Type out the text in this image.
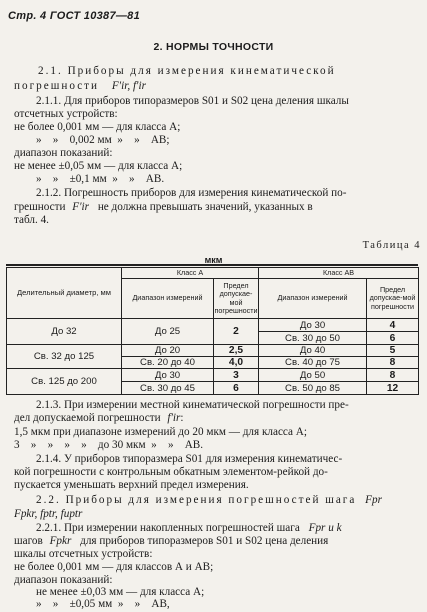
Стр. 4 ГОСТ 10387—81
2. НОРМЫ ТОЧНОСТИ
2.1. Приборы для измерения кинематической
погрешности F′ir, f′ir
2.1.1. Для приборов типоразмеров S01 и S02 цена деления шкалы
отсчетных устройств:
не более 0,001 мм — для класса А;
»    »    0,002 мм  »    »    АВ;
диапазон показаний:
не менее ±0,05 мм — для класса А;
»    »    ±0,1 мм  »    »    АВ.
2.1.2. Погрешность приборов для измерения кинематической по-
грешности F′ir не должна превышать значений, указанных в
табл. 4.
Таблица 4
мкм
Делительный диаметр, мм	Класс А		Класс АВ	
	Диапазон измерений	Предел допускае-мой погрешности	Диапазон измерений	Предел допускае-мой погрешности
До 32	До 25	2	До 30	4
			Св. 30 до 50	6
Св. 32 до 125	До 20	2,5	До 40	5
	Св. 20 до 40	4,0	Св. 40 до 75	8
Св. 125 до 200	До 30	3	До 50	8
	Св. 30 до 45	6	Св. 50 до 85	12
2.1.3. При измерении местной кинематической погрешности пре-
дел допускаемой погрешности f′ir:
1,5 мкм при диапазоне измерений до 20 мкм — для класса А;
3    »    »    »    »    до 30 мкм  »    »    АВ.
2.1.4. У приборов типоразмера S01 для измерения кинематичес-
кой погрешности с контрольным обкатным элементом-рейкой до-
пускается уменьшать верхний предел измерения.
2.2. Приборы для измерения погрешностей шага Fpr
Fpkr, fptr, fuptr
2.2.1. При измерении накопленных погрешностей шага Fpr и k
шагов Fpkr для приборов типоразмеров S01 и S02 цена деления
шкалы отсчетных устройств:
не более 0,001 мм — для классов А и АВ;
диапазон показаний:
не менее ±0,03 мм — для класса А;
»    »    ±0,05 мм  »    »    АВ,
